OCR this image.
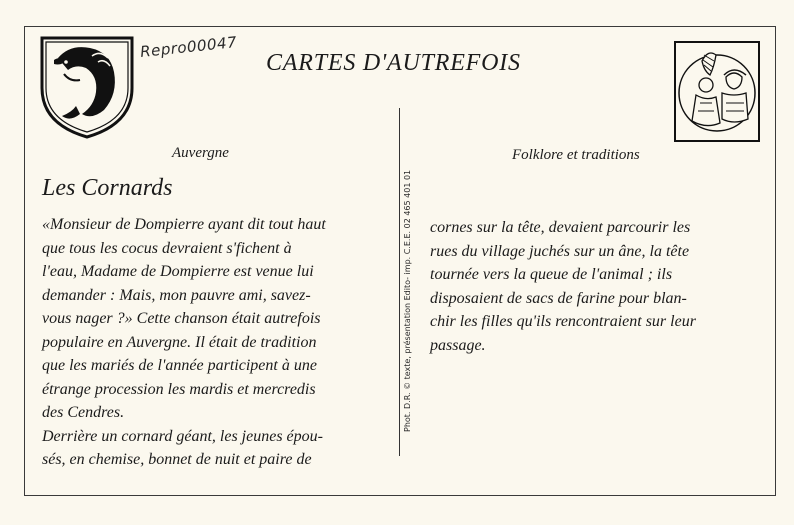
Repro00047
CARTES D'AUTREFOIS
Auvergne	Folklore et traditions
Les Cornards
«Monsieur de Dompierre ayant dit tout haut
que tous les cocus devraient s'fichent à
l'eau, Madame de Dompierre est venue lui
demander : Mais, mon pauvre ami, savez-
vous nager ?» Cette chanson était autrefois
populaire en Auvergne. Il était de tradition
que les mariés de l'année participent à une
étrange procession les mardis et mercredis
des Cendres.
Derrière un cornard géant, les jeunes épou-
sés, en chemise, bonnet de nuit et paire de
Phot. D.R. © texte, présentation Edito- imp. C.E.E. 02 465 401 01 cornes sur la tête, devaient parcourir les
rues du village juchés sur un âne, la tête
tournée vers la queue de l'animal ; ils
disposaient de sacs de farine pour blan-
chir les filles qu'ils rencontraient sur leur
passage.
